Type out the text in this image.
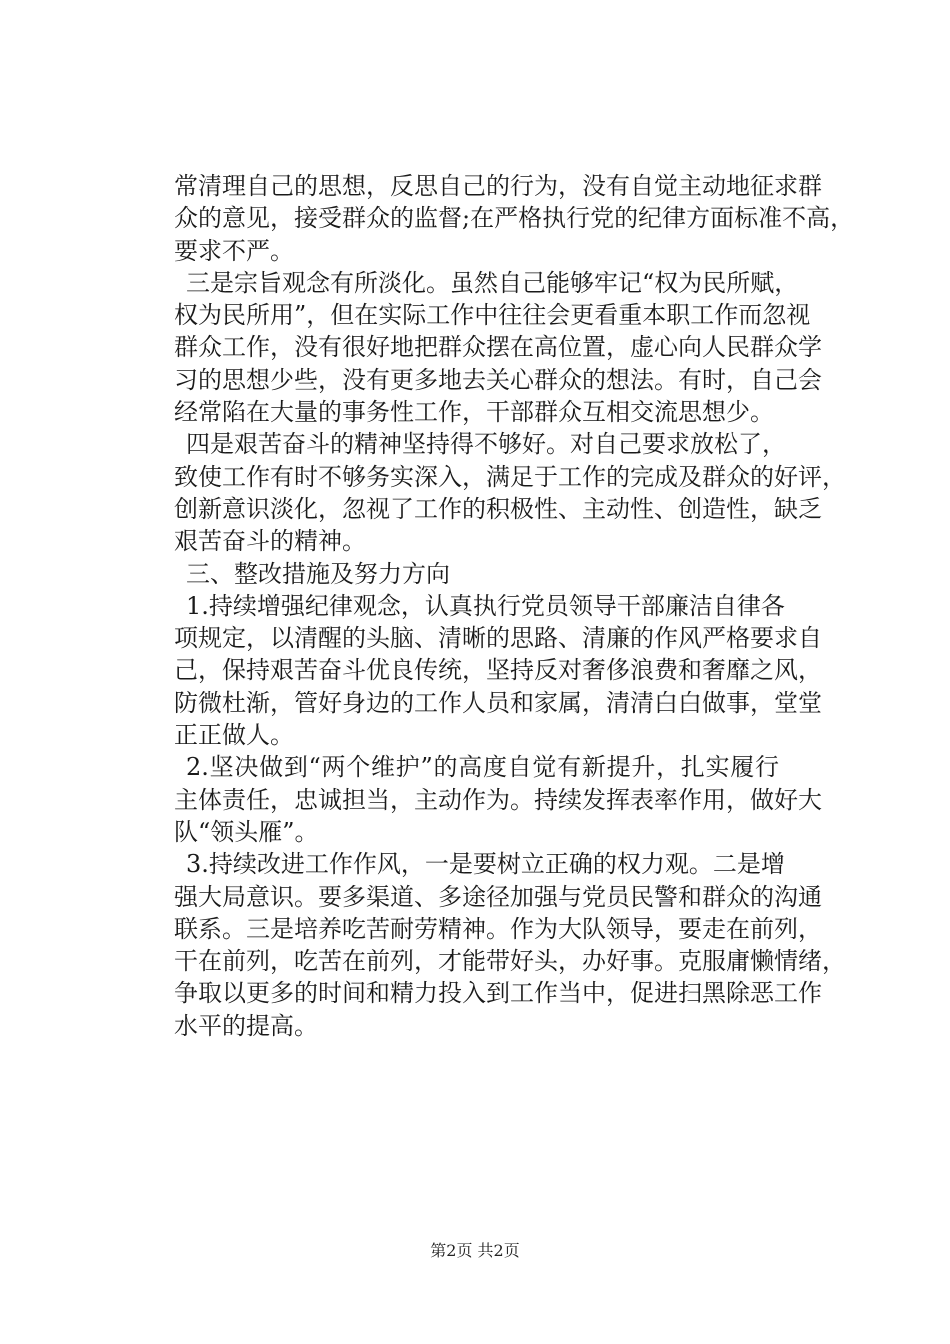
常清理自己的思想，反思自己的行为，没有自觉主动地征求群
众的意见，接受群众的监督;在严格执行党的纪律方面标准不高，
要求不严。
三是宗旨观念有所淡化。虽然自己能够牢记“权为民所赋，
权为民所用”，但在实际工作中往往会更看重本职工作而忽视
群众工作，没有很好地把群众摆在高位置，虚心向人民群众学
习的思想少些，没有更多地去关心群众的想法。有时，自己会
经常陷在大量的事务性工作，干部群众互相交流思想少。
四是艰苦奋斗的精神坚持得不够好。对自己要求放松了，
致使工作有时不够务实深入，满足于工作的完成及群众的好评，
创新意识淡化，忽视了工作的积极性、主动性、创造性，缺乏
艰苦奋斗的精神。
三、整改措施及努力方向
1.持续增强纪律观念，认真执行党员领导干部廉洁自律各
项规定，以清醒的头脑、清晰的思路、清廉的作风严格要求自
己，保持艰苦奋斗优良传统，坚持反对奢侈浪费和奢靡之风，
防微杜渐，管好身边的工作人员和家属，清清白白做事，堂堂
正正做人。
2.坚决做到“两个维护”的高度自觉有新提升，扎实履行
主体责任，忠诚担当，主动作为。持续发挥表率作用，做好大
队“领头雁”。
3.持续改进工作作风，一是要树立正确的权力观。二是增
强大局意识。要多渠道、多途径加强与党员民警和群众的沟通
联系。三是培养吃苦耐劳精神。作为大队领导，要走在前列，
干在前列，吃苦在前列，才能带好头，办好事。克服庸懒情绪，
争取以更多的时间和精力投入到工作当中，促进扫黑除恶工作
水平的提高。
第2页 共2页
